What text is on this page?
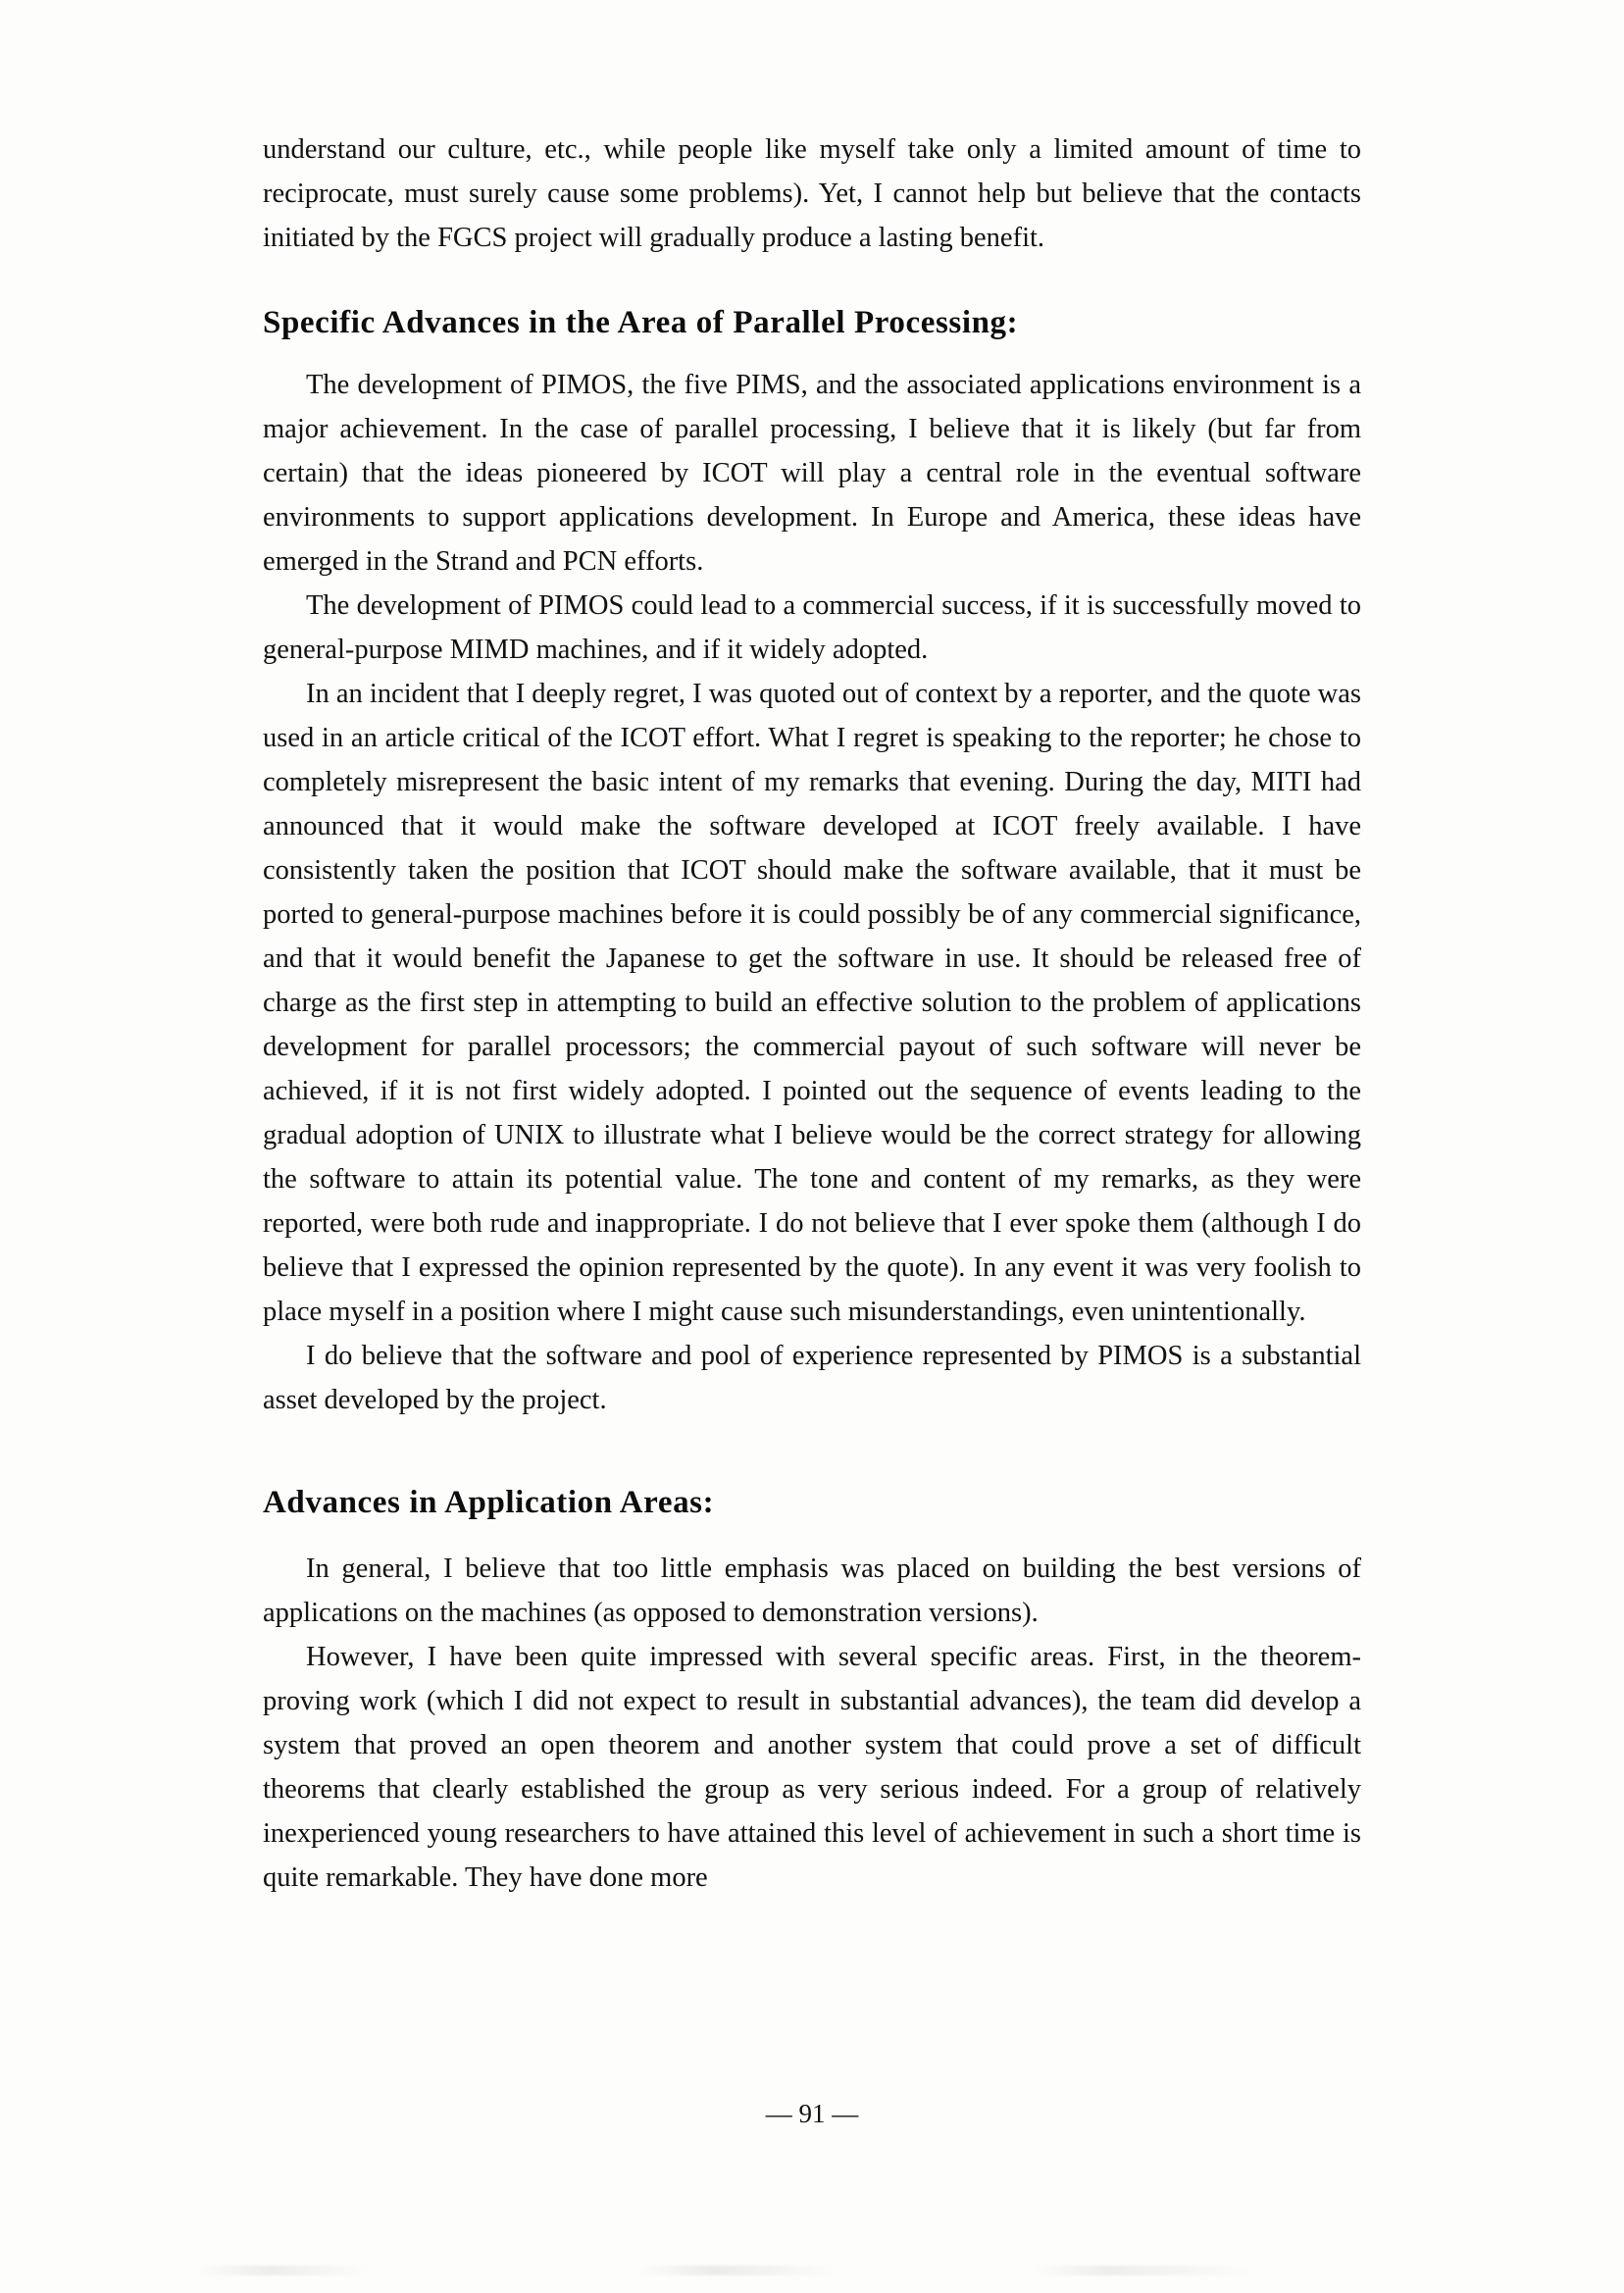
understand our culture, etc., while people like myself take only a limited amount of time to reciprocate, must surely cause some problems). Yet, I cannot help but believe that the contacts initiated by the FGCS project will gradually produce a lasting benefit.

Specific Advances in the Area of Parallel Processing:

The development of PIMOS, the five PIMS, and the associated applications environment is a major achievement. In the case of parallel processing, I believe that it is likely (but far from certain) that the ideas pioneered by ICOT will play a central role in the eventual software environments to support applications development. In Europe and America, these ideas have emerged in the Strand and PCN efforts.

The development of PIMOS could lead to a commercial success, if it is successfully moved to general-purpose MIMD machines, and if it widely adopted.

In an incident that I deeply regret, I was quoted out of context by a reporter, and the quote was used in an article critical of the ICOT effort. What I regret is speaking to the reporter; he chose to completely misrepresent the basic intent of my remarks that evening. During the day, MITI had announced that it would make the software developed at ICOT freely available. I have consistently taken the position that ICOT should make the software available, that it must be ported to general-purpose machines before it is could possibly be of any commercial significance, and that it would benefit the Japanese to get the software in use. It should be released free of charge as the first step in attempting to build an effective solution to the problem of applications development for parallel processors; the commercial payout of such software will never be achieved, if it is not first widely adopted. I pointed out the sequence of events leading to the gradual adoption of UNIX to illustrate what I believe would be the correct strategy for allowing the software to attain its potential value. The tone and content of my remarks, as they were reported, were both rude and inappropriate. I do not believe that I ever spoke them (although I do believe that I expressed the opinion represented by the quote). In any event it was very foolish to place myself in a position where I might cause such misunderstandings, even unintentionally.

I do believe that the software and pool of experience represented by PIMOS is a substantial asset developed by the project.

Advances in Application Areas:

In general, I believe that too little emphasis was placed on building the best versions of applications on the machines (as opposed to demonstration versions).

However, I have been quite impressed with several specific areas. First, in the theorem-proving work (which I did not expect to result in substantial advances), the team did develop a system that proved an open theorem and another system that could prove a set of difficult theorems that clearly established the group as very serious indeed. For a group of relatively inexperienced young researchers to have attained this level of achievement in such a short time is quite remarkable. They have done more

— 91 —
